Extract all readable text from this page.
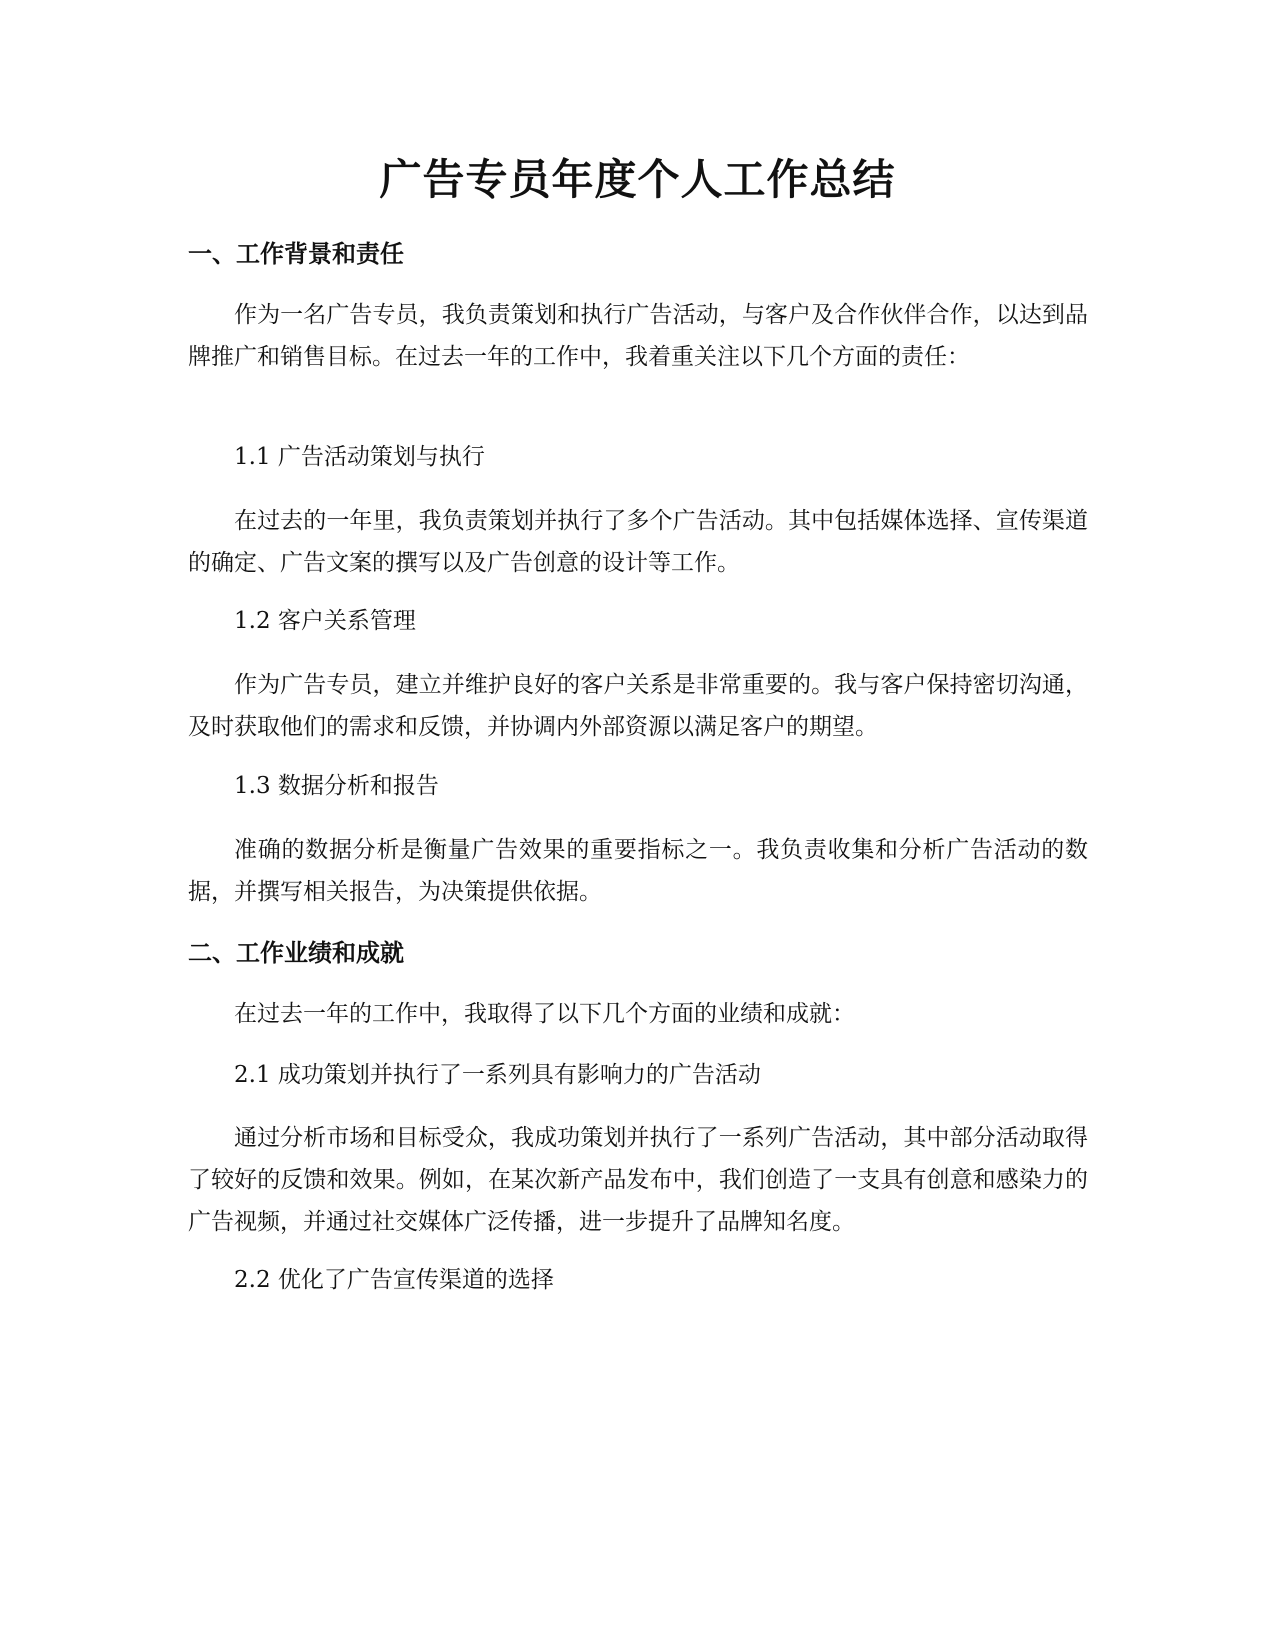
广告专员年度个人工作总结
一、工作背景和责任
作为一名广告专员，我负责策划和执行广告活动，与客户及合作伙伴合作，以达到品牌推广和销售目标。在过去一年的工作中，我着重关注以下几个方面的责任：
1.1 广告活动策划与执行
在过去的一年里，我负责策划并执行了多个广告活动。其中包括媒体选择、宣传渠道的确定、广告文案的撰写以及广告创意的设计等工作。
1.2 客户关系管理
作为广告专员，建立并维护良好的客户关系是非常重要的。我与客户保持密切沟通，及时获取他们的需求和反馈，并协调内外部资源以满足客户的期望。
1.3 数据分析和报告
准确的数据分析是衡量广告效果的重要指标之一。我负责收集和分析广告活动的数据，并撰写相关报告，为决策提供依据。
二、工作业绩和成就
在过去一年的工作中，我取得了以下几个方面的业绩和成就：
2.1 成功策划并执行了一系列具有影响力的广告活动
通过分析市场和目标受众，我成功策划并执行了一系列广告活动，其中部分活动取得了较好的反馈和效果。例如，在某次新产品发布中，我们创造了一支具有创意和感染力的广告视频，并通过社交媒体广泛传播，进一步提升了品牌知名度。
2.2 优化了广告宣传渠道的选择
